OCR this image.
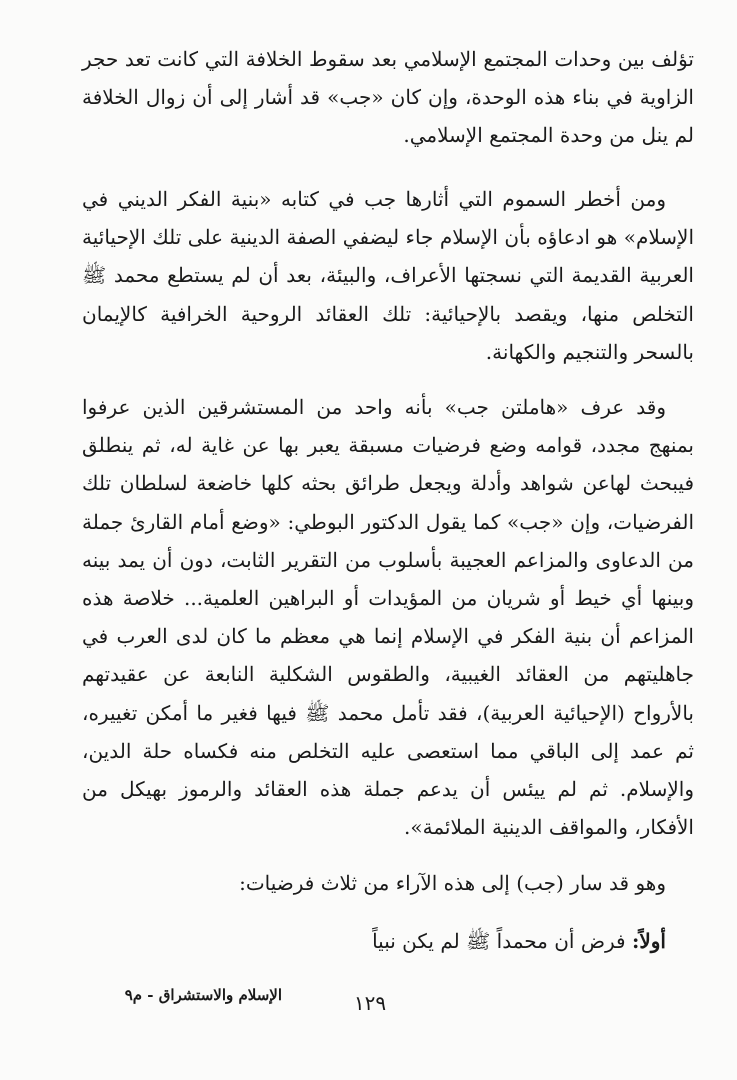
تؤلف بين وحدات المجتمع الإسلامي بعد سقوط الخلافة التي كانت تعد حجر الزاوية في بناء هذه الوحدة، وإن كان «جب» قد أشار إلى أن زوال الخلافة لم ينل من وحدة المجتمع الإسلامي.
ومن أخطر السموم التي أثارها جب في كتابه «بنية الفكر الديني في الإسلام» هو ادعاؤه بأن الإسلام جاء ليضفي الصفة الدينية على تلك الإحيائية العربية القديمة التي نسجتها الأعراف، والبيئة، بعد أن لم يستطع محمد ﷺ التخلص منها، ويقصد بالإحيائية: تلك العقائد الروحية الخرافية كالإيمان بالسحر والتنجيم والكهانة.
وقد عرف «هاملتن جب» بأنه واحد من المستشرقين الذين عرفوا بمنهج مجدد، قوامه وضع فرضيات مسبقة يعبر بها عن غاية له، ثم ينطلق فيبحث لهاعن شواهد وأدلة ويجعل طرائق بحثه كلها خاضعة لسلطان تلك الفرضيات، وإن «جب» كما يقول الدكتور البوطي: «وضع أمام القارئ جملة من الدعاوى والمزاعم العجيبة بأسلوب من التقرير الثابت، دون أن يمد بينه وبينها أي خيط أو شريان من المؤيدات أو البراهين العلمية... خلاصة هذه المزاعم أن بنية الفكر في الإسلام إنما هي معظم ما كان لدى العرب في جاهليتهم من العقائد الغيبية، والطقوس الشكلية النابعة عن عقيدتهم بالأرواح (الإحيائية العربية)، فقد تأمل محمد ﷺ فيها فغير ما أمكن تغييره، ثم عمد إلى الباقي مما استعصى عليه التخلص منه فكساه حلة الدين، والإسلام. ثم لم ييئس أن يدعم جملة هذه العقائد والرموز بهيكل من الأفكار، والمواقف الدينية الملائمة».
وهو قد سار (جب) إلى هذه الآراء من ثلاث فرضيات:
أولاً: فرض أن محمداً ﷺ لم يكن نبياً
الإسلام والاستشراق - م٩	١٢٩
